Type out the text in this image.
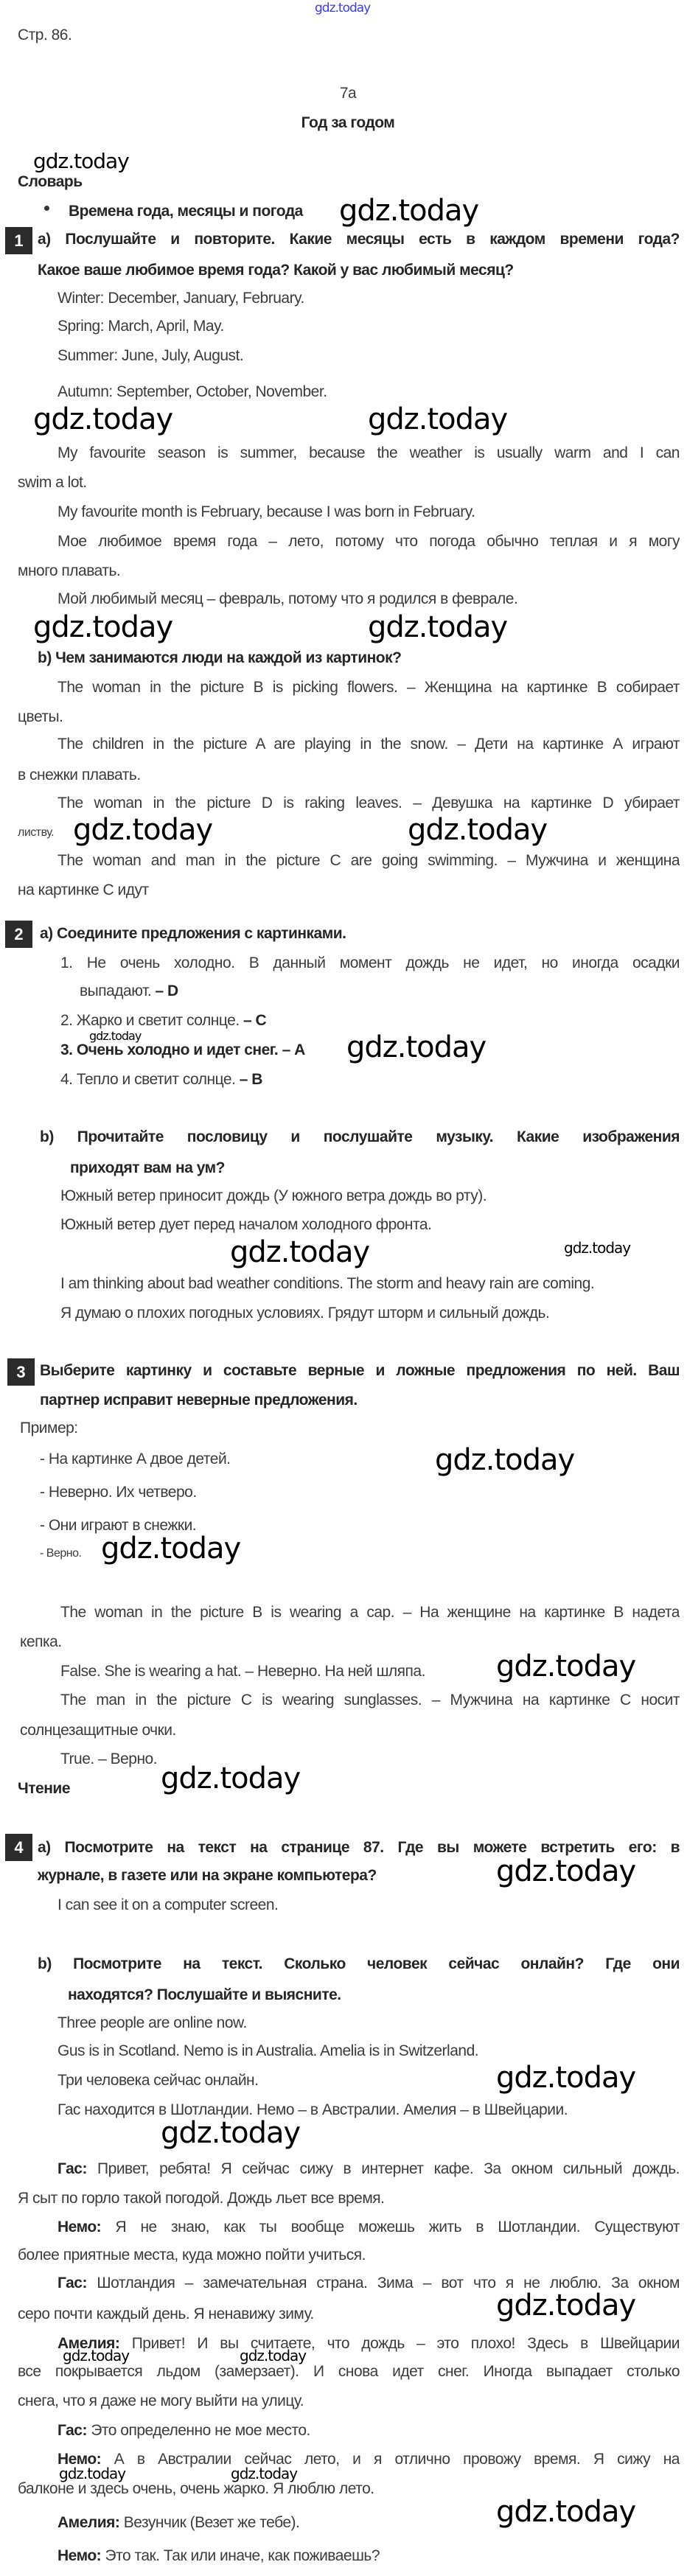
Стр. 86.
7а
Год за годом
Словарь
Времена года, месяцы и погода
а) Послушайте и повторите. Какие месяцы есть в каждом времени года?
Какое ваше любимое время года? Какой у вас любимый месяц?
Winter: December, January, February.
Spring: March, April, May.
Summer: June, July, August.
Autumn: September, October, November.
My favourite season is summer, because the weather is usually warm and I can
swim a lot.
My favourite month is February, because I was born in February.
Мое любимое время года – лето, потому что погода обычно теплая и я могу
много плавать.
Мой любимый месяц – февраль, потому что я родился в феврале.
b) Чем занимаются люди на каждой из картинок?
The woman in the picture B is picking flowers. – Женщина на картинке В собирает
цветы.
The children in the picture A are playing in the snow. – Дети на картинке А играют
в снежки плавать.
The woman in the picture D is raking leaves. – Девушка на картинке D убирает
листву.
The woman and man in the picture C are going swimming. – Мужчина и женщина
на картинке С идут
a) Соедините предложения с картинками.
1. Не очень холодно. В данный момент дождь не идет, но иногда осадки
выпадают. – D
2. Жарко и светит солнце. – C
3. Очень холодно и идет снег. – А
4. Тепло и светит солнце. – B
b) Прочитайте пословицу и послушайте музыку. Какие изображения
приходят вам на ум?
Южный ветер приносит дождь (У южного ветра дождь во рту).
Южный ветер дует перед началом холодного фронта.
I am thinking about bad weather conditions. The storm and heavy rain are coming.
Я думаю о плохих погодных условиях. Грядут шторм и сильный дождь.
Выберите картинку и составьте верные и ложные предложения по ней. Ваш
партнер исправит неверные предложения.
Пример:
- На картинке А двое детей.
- Неверно. Их четверо.
- Они играют в снежки.
- Верно.
The woman in the picture B is wearing a cap. – На женщине на картинке В надета
кепка.
False. She is wearing a hat. – Неверно. На ней шляпа.
The man in the picture C is wearing sunglasses. – Мужчина на картинке С носит
солнцезащитные очки.
True. – Верно.
Чтение
a) Посмотрите на текст на странице 87. Где вы можете встретить его: в
журнале, в газете или на экране компьютера?
I can see it on a computer screen.
b) Посмотрите на текст. Сколько человек сейчас онлайн? Где они
находятся? Послушайте и выясните.
Three people are online now.
Gus is in Scotland. Nemo is in Australia. Amelia is in Switzerland.
Три человека сейчас онлайн.
Гас находится в Шотландии. Немо – в Австралии. Амелия – в Швейцарии.
Гас: Привет, ребята! Я сейчас сижу в интернет кафе. За окном сильный дождь.
Я сыт по горло такой погодой. Дождь льет все время.
Немо: Я не знаю, как ты вообще можешь жить в Шотландии. Существуют
более приятные места, куда можно пойти учиться.
Гас: Шотландия – замечательная страна. Зима – вот что я не люблю. За окном
серо почти каждый день. Я ненавижу зиму.
Амелия: Привет! И вы считаете, что дождь – это плохо! Здесь в Швейцарии
все покрывается льдом (замерзает). И снова идет снег. Иногда выпадает столько
снега, что я даже не могу выйти на улицу.
Гас: Это определенно не мое место.
Немо: А в Австралии сейчас лето, и я отлично провожу время. Я сижу на
балконе и здесь очень, очень жарко. Я люблю лето.
Амелия: Везунчик (Везет же тебе).
Немо: Это так. Так или иначе, как поживаешь?
1
2
3
4
gdz.today
gdz.today
gdz.today
gdz.today	gdz.today
gdz.today	gdz.today
gdz.today	gdz.today
gdz.today	gdz.today
gdz.today	gdz.today
gdz.today
gdz.today
gdz.today
gdz.today
gdz.today
gdz.today
gdz.today
gdz.today
gdz.today	gdz.today
gdz.today	gdz.today
gdz.today
